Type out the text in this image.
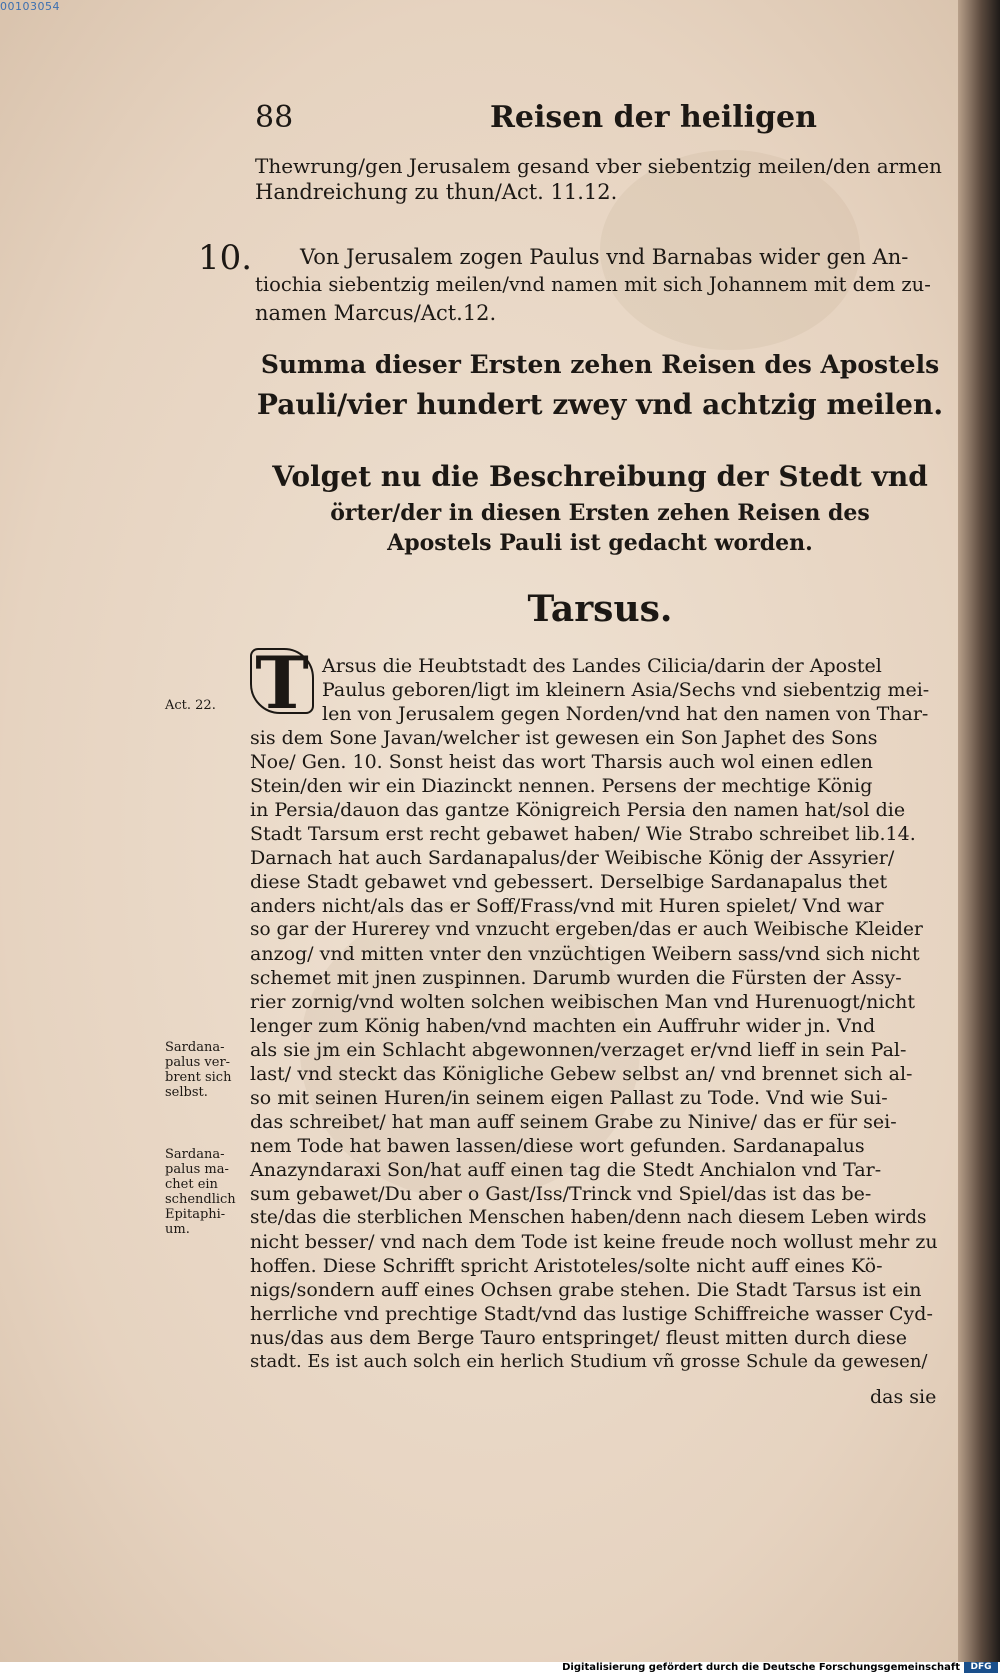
00103054
88	Reisen der heiligen
Thewrung/gen Jerusalem gesand vber siebentzig meilen/den armen
Handreichung zu thun/Act. 11.12.
10. Von Jerusalem zogen Paulus vnd Barnabas wider gen An-
tiochia siebentzig meilen/vnd namen mit sich Johannem mit dem zu-
namen Marcus/Act.12.
Summa dieser Ersten zehen Reisen des Apostels
Pauli/vier hundert zwey vnd achtzig meilen.
Volget nu die Beschreibung der Stedt vnd
örter/der in diesen Ersten zehen Reisen des
Apostels Pauli ist gedacht worden.
Tarsus.
T
Act. 22.
Sardana-
palus ver-
brent sich
selbst.
Sardana-
palus ma-
chet ein
schendlich
Epitaphi-
um.
Arsus die Heubtstadt des Landes Cilicia/darin der Apostel
Paulus geboren/ligt im kleinern Asia/Sechs vnd siebentzig mei-
len von Jerusalem gegen Norden/vnd hat den namen von Thar-
sis dem Sone Javan/welcher ist gewesen ein Son Japhet des Sons
Noe/ Gen. 10. Sonst heist das wort Tharsis auch wol einen edlen
Stein/den wir ein Diazinckt nennen. Persens der mechtige König
in Persia/dauon das gantze Königreich Persia den namen hat/sol die
Stadt Tarsum erst recht gebawet haben/ Wie Strabo schreibet lib.14.
Darnach hat auch Sardanapalus/der Weibische König der Assyrier/
diese Stadt gebawet vnd gebessert. Derselbige Sardanapalus thet
anders nicht/als das er Soff/Frass/vnd mit Huren spielet/ Vnd war
so gar der Hurerey vnd vnzucht ergeben/das er auch Weibische Kleider
anzog/ vnd mitten vnter den vnzüchtigen Weibern sass/vnd sich nicht
schemet mit jnen zuspinnen. Darumb wurden die Fürsten der Assy-
rier zornig/vnd wolten solchen weibischen Man vnd Hurenuogt/nicht
lenger zum König haben/vnd machten ein Auffruhr wider jn. Vnd
als sie jm ein Schlacht abgewonnen/verzaget er/vnd lieff in sein Pal-
last/ vnd steckt das Königliche Gebew selbst an/ vnd brennet sich al-
so mit seinen Huren/in seinem eigen Pallast zu Tode. Vnd wie Sui-
das schreibet/ hat man auff seinem Grabe zu Ninive/ das er für sei-
nem Tode hat bawen lassen/diese wort gefunden. Sardanapalus
Anazyndaraxi Son/hat auff einen tag die Stedt Anchialon vnd Tar-
sum gebawet/Du aber o Gast/Iss/Trinck vnd Spiel/das ist das be-
ste/das die sterblichen Menschen haben/denn nach diesem Leben wirds
nicht besser/ vnd nach dem Tode ist keine freude noch wollust mehr zu
hoffen. Diese Schrifft spricht Aristoteles/solte nicht auff eines Kö-
nigs/sondern auff eines Ochsen grabe stehen. Die Stadt Tarsus ist ein
herrliche vnd prechtige Stadt/vnd das lustige Schiffreiche wasser Cyd-
nus/das aus dem Berge Tauro entspringet/ fleust mitten durch diese
stadt. Es ist auch solch ein herlich Studium vñ grosse Schule da gewesen/
das sie
Digitalisierung gefördert durch die Deutsche Forschungsgemeinschaft	DFG
